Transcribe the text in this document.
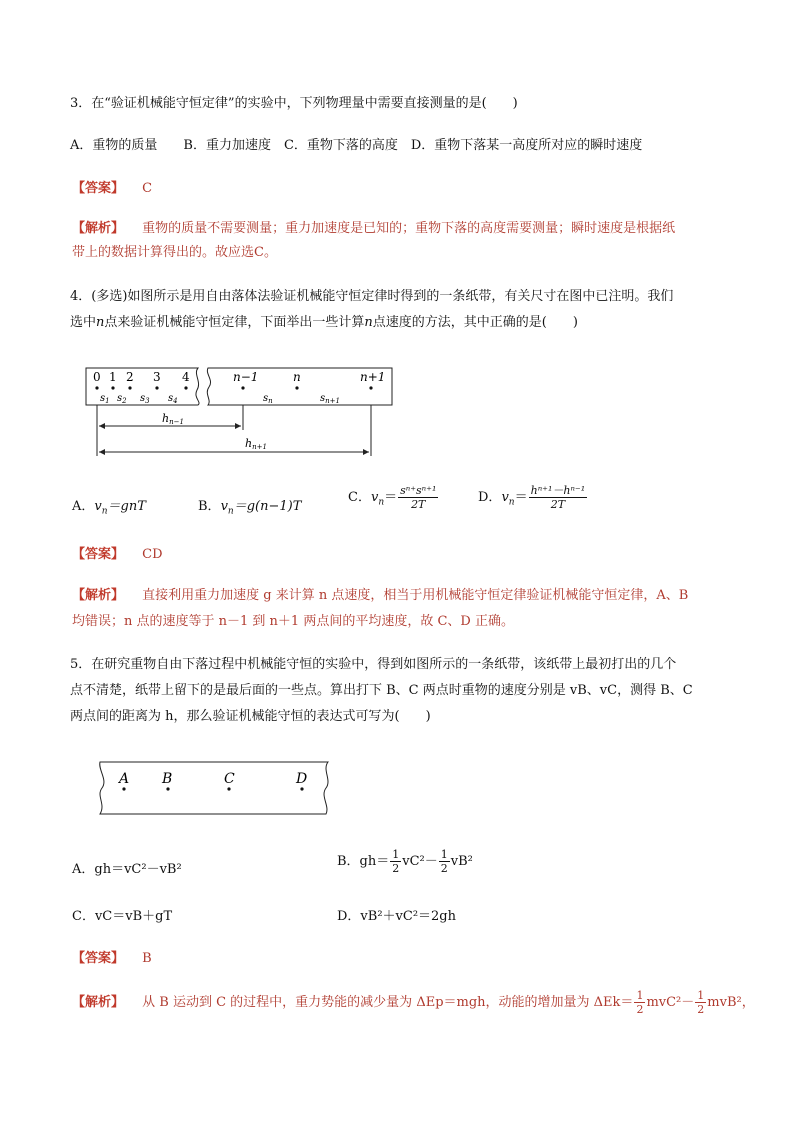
3．在“验证机械能守恒定律”的实验中，下列物理量中需要直接测量的是(　　)
A．重物的质量　　B．重力加速度　C．重物下落的高度　D．重物下落某一高度所对应的瞬时速度
【答案】 C
【解析】 重物的质量不需要测量；重力加速度是已知的；重物下落的高度需要测量；瞬时速度是根据纸
带上的数据计算得出的。故应选C。
4．(多选)如图所示是用自由落体法验证机械能守恒定律时得到的一条纸带，有关尺寸在图中已注明。我们
选中n点来验证机械能守恒定律，下面举出一些计算n点速度的方法，其中正确的是(　　)
0 1 2 3 4	n−1	n	n+1
$s_1$ $s_2$ $s_3$ $s_4$	$s_n$	$s_{n+1}$
hn−1
hn+1
A．$v_n=gnT$	B．$v_n=g(n-1)T$
C．$v_n= \frac{\text{sⁿ⁺sⁿ⁺¹}}{2T}$	D．$v_n= \frac{\text{hⁿ⁺¹－hⁿ⁻¹}}{2T}$
【答案】 CD
【解析】 直接利用重力加速度 g 来计算 n 点速度，相当于用机械能守恒定律验证机械能守恒定律，A、B
均错误；n 点的速度等于 n－1 到 n＋1 两点间的平均速度，故 C、D 正确。
5．在研究重物自由下落过程中机械能守恒的实验中，得到如图所示的一条纸带，该纸带上最初打出的几个
点不清楚，纸带上留下的是最后面的一些点。算出打下 B、C 两点时重物的速度分别是 vB、vC，测得 B、C
两点间的距离为 h，那么验证机械能守恒的表达式可写为(　　)
A B	C	D
A．gh＝vC²－vB²
B．$gh= \frac{1}{2} vC^2- \frac{1}{2} vB^2$
C．vC＝vB＋gT	D．vB²＋vC²＝2gh
【答案】 B
【解析】 从 B 运动到 C 的过程中，重力势能的减少量为 ΔEp＝mgh，动能的增加量为 $\Delta Ek= \frac{1}{2} mvC^2- \frac{1}{2} mvB^2$，
